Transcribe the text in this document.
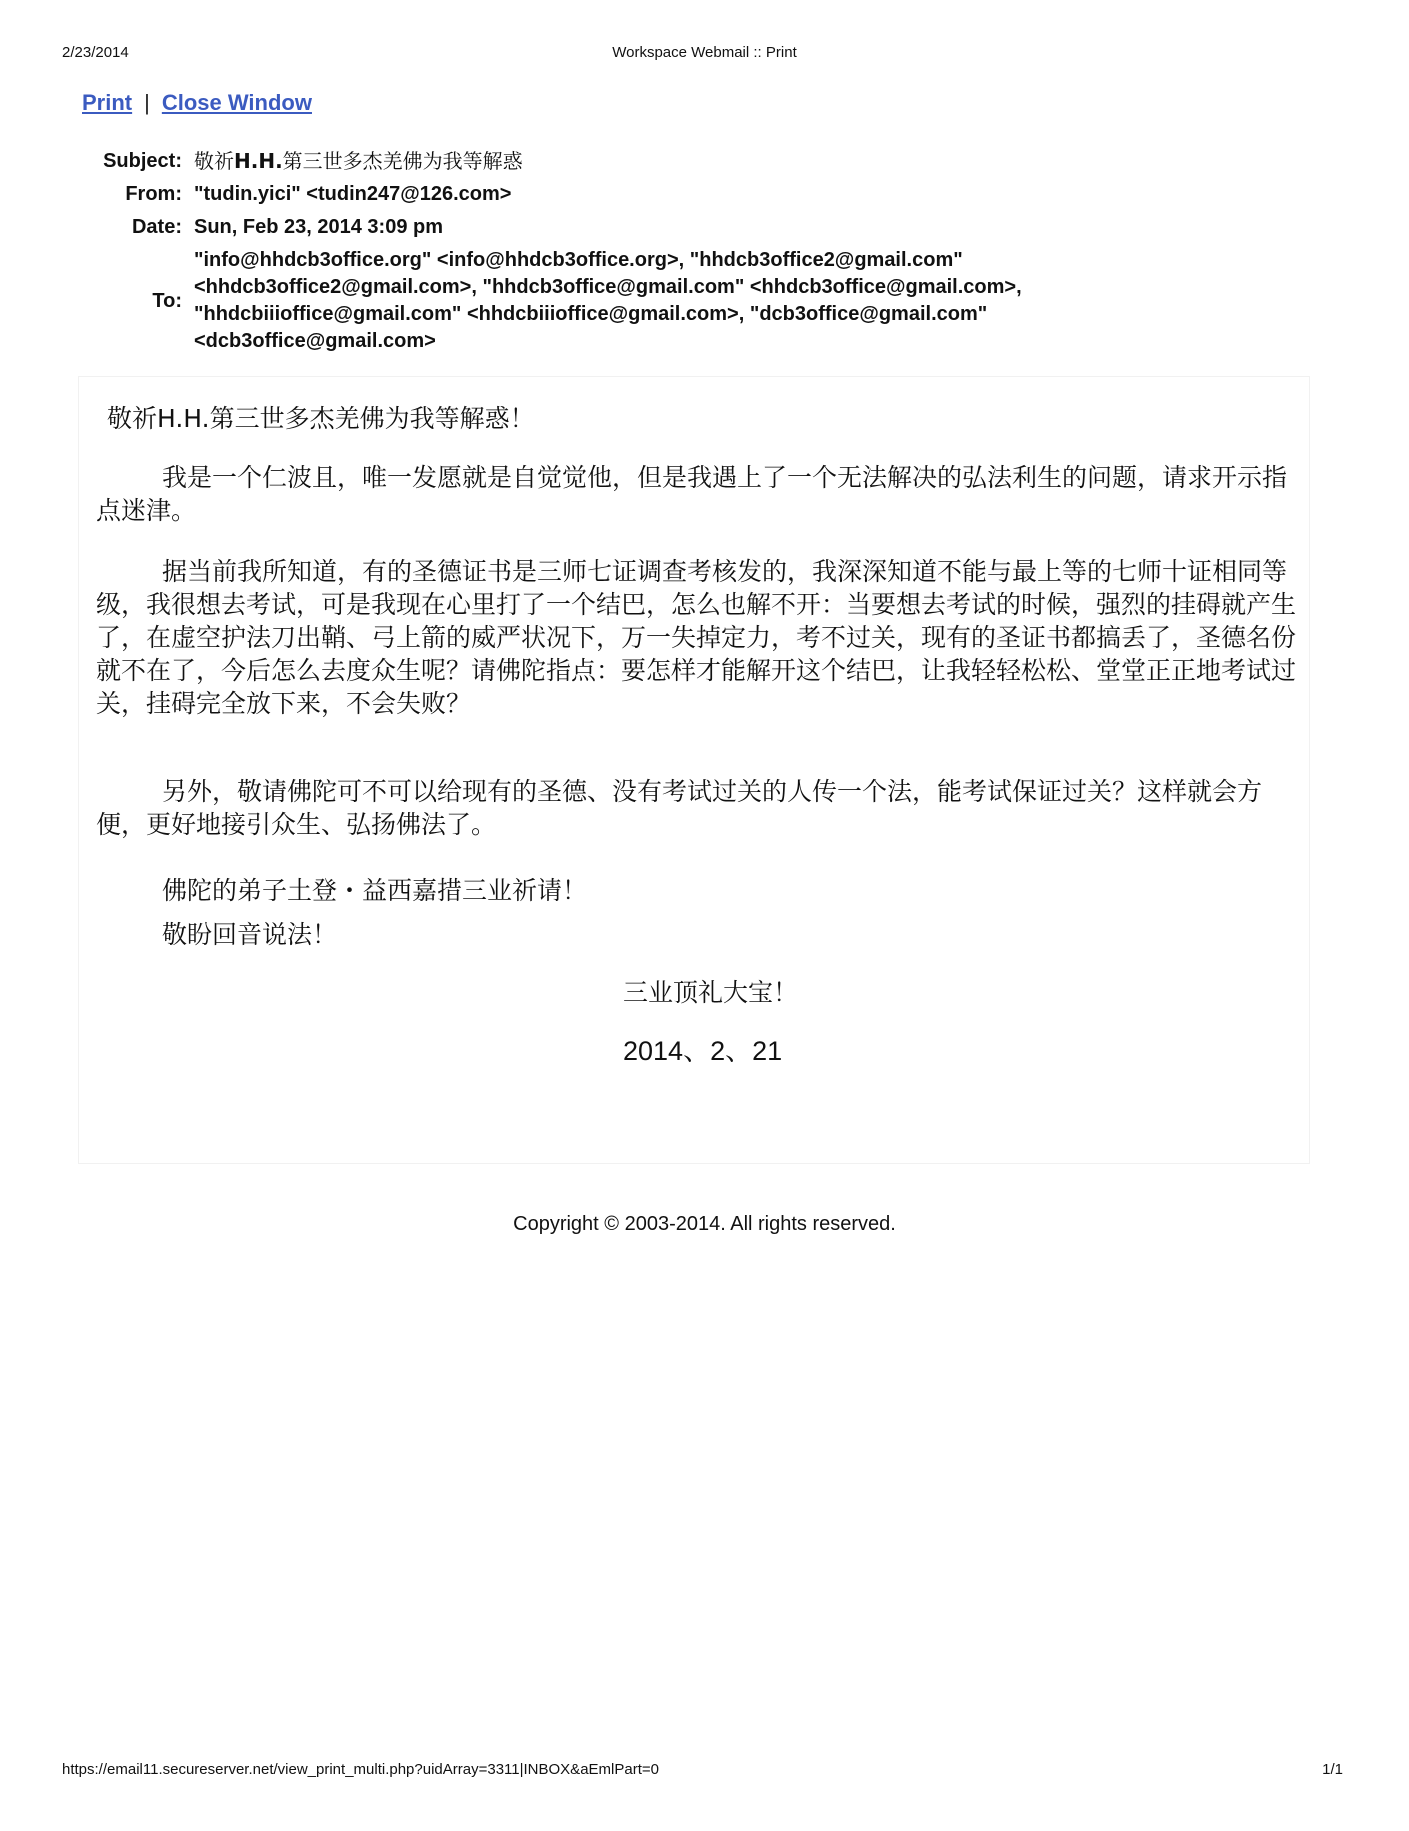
2/23/2014	Workspace Webmail :: Print
Print | Close Window
Subject:	敬祈H.H.第三世多杰羌佛为我等解惑
From:	"tudin.yici" <tudin247@126.com>
Date:	Sun, Feb 23, 2014 3:09 pm
To:	"info@hhdcb3office.org" <info@hhdcb3office.org>, "hhdcb3office2@gmail.com"
<hhdcb3office2@gmail.com>, "hhdcb3office@gmail.com" <hhdcb3office@gmail.com>,
"hhdcbiiioffice@gmail.com" <hhdcbiiioffice@gmail.com>, "dcb3office@gmail.com"
<dcb3office@gmail.com>
敬祈H.H.第三世多杰羌佛为我等解惑！
我是一个仁波且，唯一发愿就是自觉觉他，但是我遇上了一个无法解决的弘法利生的问题，请求开示指点迷津。
据当前我所知道，有的圣德证书是三师七证调查考核发的，我深深知道不能与最上等的七师十证相同等级，我很想去考试，可是我现在心里打了一个结巴，怎么也解不开：当要想去考试的时候，强烈的挂碍就产生了，在虚空护法刀出鞘、弓上箭的威严状况下，万一失掉定力，考不过关，现有的圣证书都搞丢了，圣德名份就不在了，今后怎么去度众生呢？请佛陀指点：要怎样才能解开这个结巴，让我轻轻松松、堂堂正正地考试过关，挂碍完全放下来，不会失败？
另外，敬请佛陀可不可以给现有的圣德、没有考试过关的人传一个法，能考试保证过关？这样就会方便，更好地接引众生、弘扬佛法了。
佛陀的弟子土登・益西嘉措三业祈请！
敬盼回音说法！
三业顶礼大宝！
2014、2、21
Copyright © 2003-2014. All rights reserved.
https://email11.secureserver.net/view_print_multi.php?uidArray=3311|INBOX&aEmlPart=0	1/1
